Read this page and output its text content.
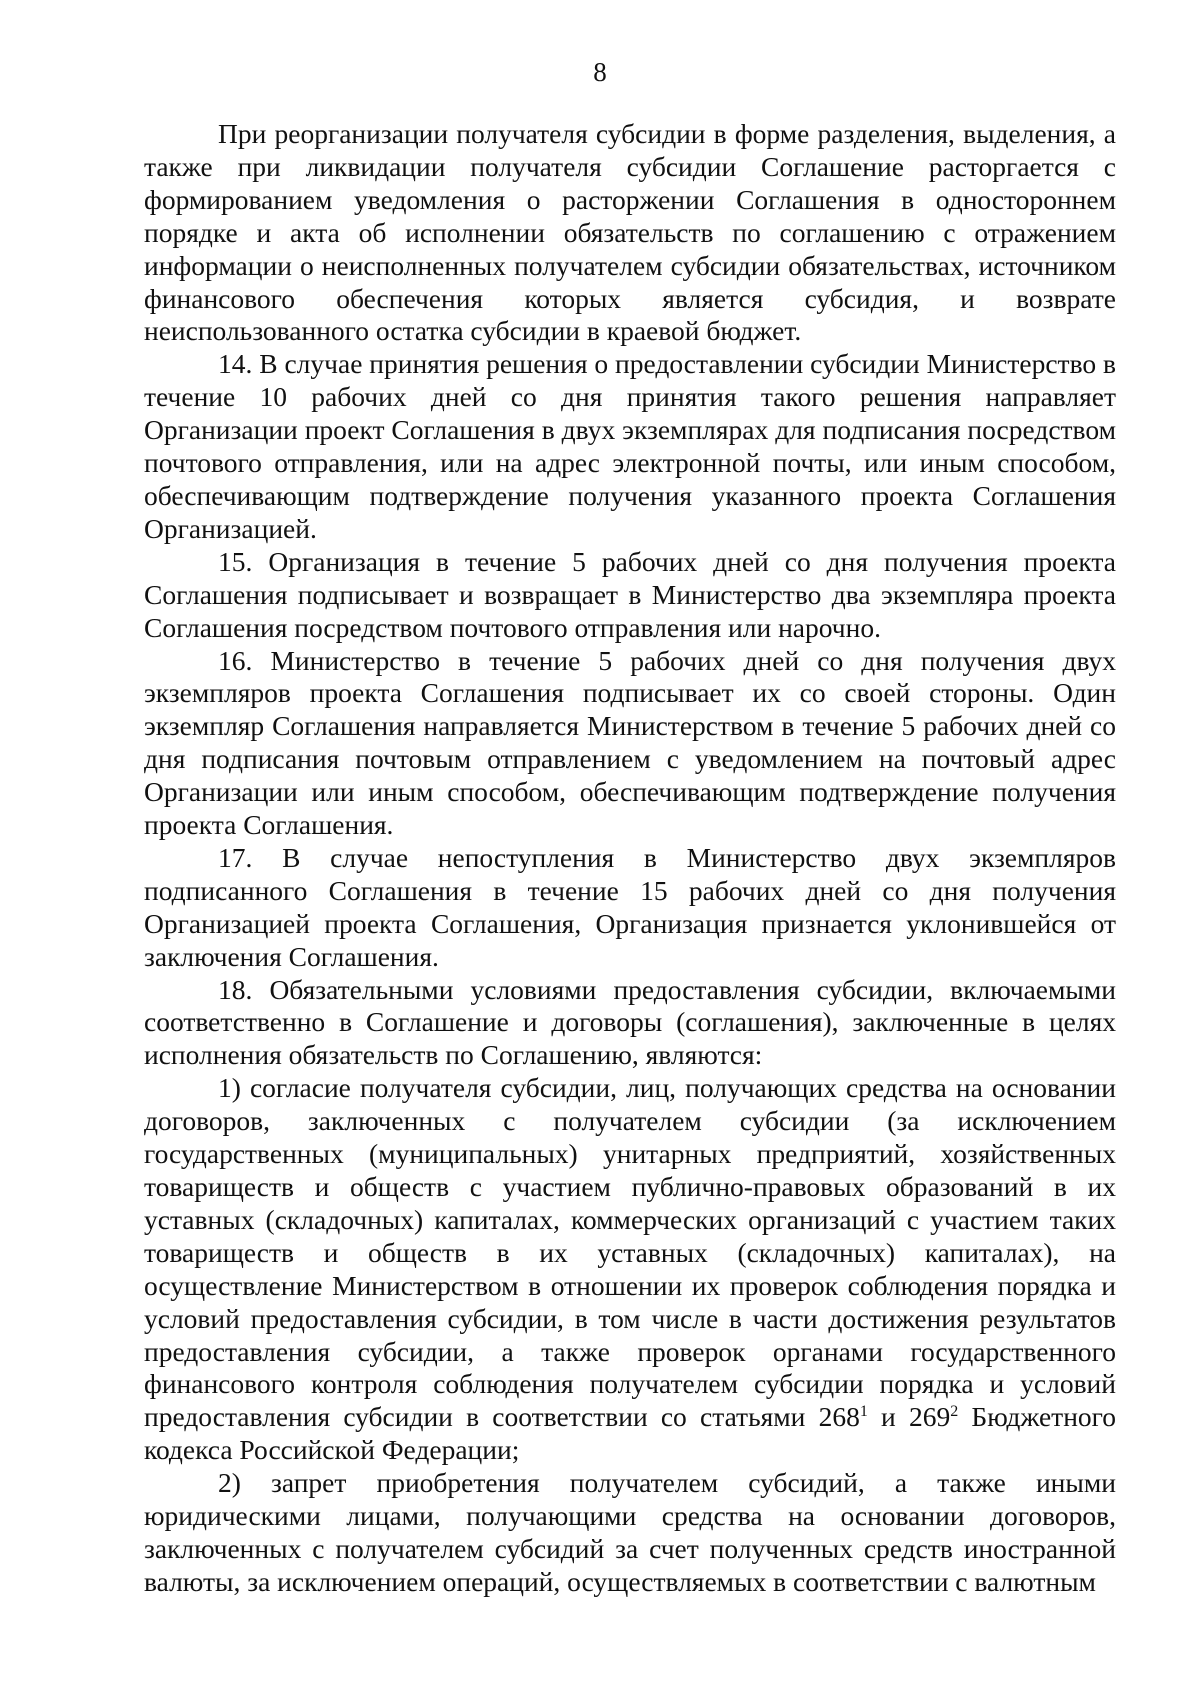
8

При реорганизации получателя субсидии в форме разделения, выделения, а также при ликвидации получателя субсидии Соглашение расторгается с формированием уведомления о расторжении Соглашения в одностороннем порядке и акта об исполнении обязательств по соглашению с отражением информации о неисполненных получателем субсидии обязательствах, источником финансового обеспечения которых является субсидия, и возврате неиспользованного остатка субсидии в краевой бюджет.

14. В случае принятия решения о предоставлении субсидии Министерство в течение 10 рабочих дней со дня принятия такого решения направляет Организации проект Соглашения в двух экземплярах для подписания посредством почтового отправления, или на адрес электронной почты, или иным способом, обеспечивающим подтверждение получения указанного проекта Соглашения Организацией.

15. Организация в течение 5 рабочих дней со дня получения проекта Соглашения подписывает и возвращает в Министерство два экземпляра проекта Соглашения посредством почтового отправления или нарочно.

16. Министерство в течение 5 рабочих дней со дня получения двух экземпляров проекта Соглашения подписывает их со своей стороны. Один экземпляр Соглашения направляется Министерством в течение 5 рабочих дней со дня подписания почтовым отправлением с уведомлением на почтовый адрес Организации или иным способом, обеспечивающим подтверждение получения проекта Соглашения.

17. В случае непоступления в Министерство двух экземпляров подписанного Соглашения в течение 15 рабочих дней со дня получения Организацией проекта Соглашения, Организация признается уклонившейся от заключения Соглашения.

18. Обязательными условиями предоставления субсидии, включаемыми соответственно в Соглашение и договоры (соглашения), заключенные в целях исполнения обязательств по Соглашению, являются:

1) согласие получателя субсидии, лиц, получающих средства на основании договоров, заключенных с получателем субсидии (за исключением государственных (муниципальных) унитарных предприятий, хозяйственных товариществ и обществ с участием публично-правовых образований в их уставных (складочных) капиталах, коммерческих организаций с участием таких товариществ и обществ в их уставных (складочных) капиталах), на осуществление Министерством в отношении их проверок соблюдения порядка и условий предоставления субсидии, в том числе в части достижения результатов предоставления субсидии, а также проверок органами государственного финансового контроля соблюдения получателем субсидии порядка и условий предоставления субсидии в соответствии со статьями $268^1$ и $269^2$ Бюджетного кодекса Российской Федерации;

2) запрет приобретения получателем субсидий, а также иными юридическими лицами, получающими средства на основании договоров, заключенных с получателем субсидий за счет полученных средств иностранной валюты, за исключением операций, осуществляемых в соответствии с валютным
